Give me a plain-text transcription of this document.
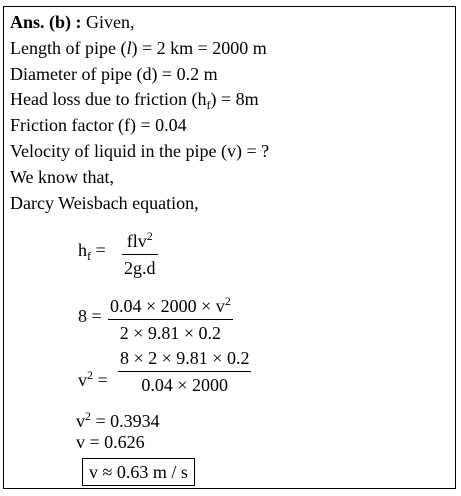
Ans. (b) : Given,
Length of pipe (l) = 2 km = 2000 m
Diameter of pipe (d) = 0.2 m
Head loss due to friction $(h_f) = 8m$
Friction factor (f) = 0.04
Velocity of liquid in the pipe (v) = ?
We know that,
Darcy Weisbach equation,
$h_f = flv^2$
2g.d
$8 = 0.04 \times 2000 \times v^2$
2 × 9.81 × 0.2
$v^2$ =
8 × 2 × 9.81 × 0.2
0.04 × 2000
$v^2 = 0.3934$
v = 0.626
v ≈ 0.63 m / s
